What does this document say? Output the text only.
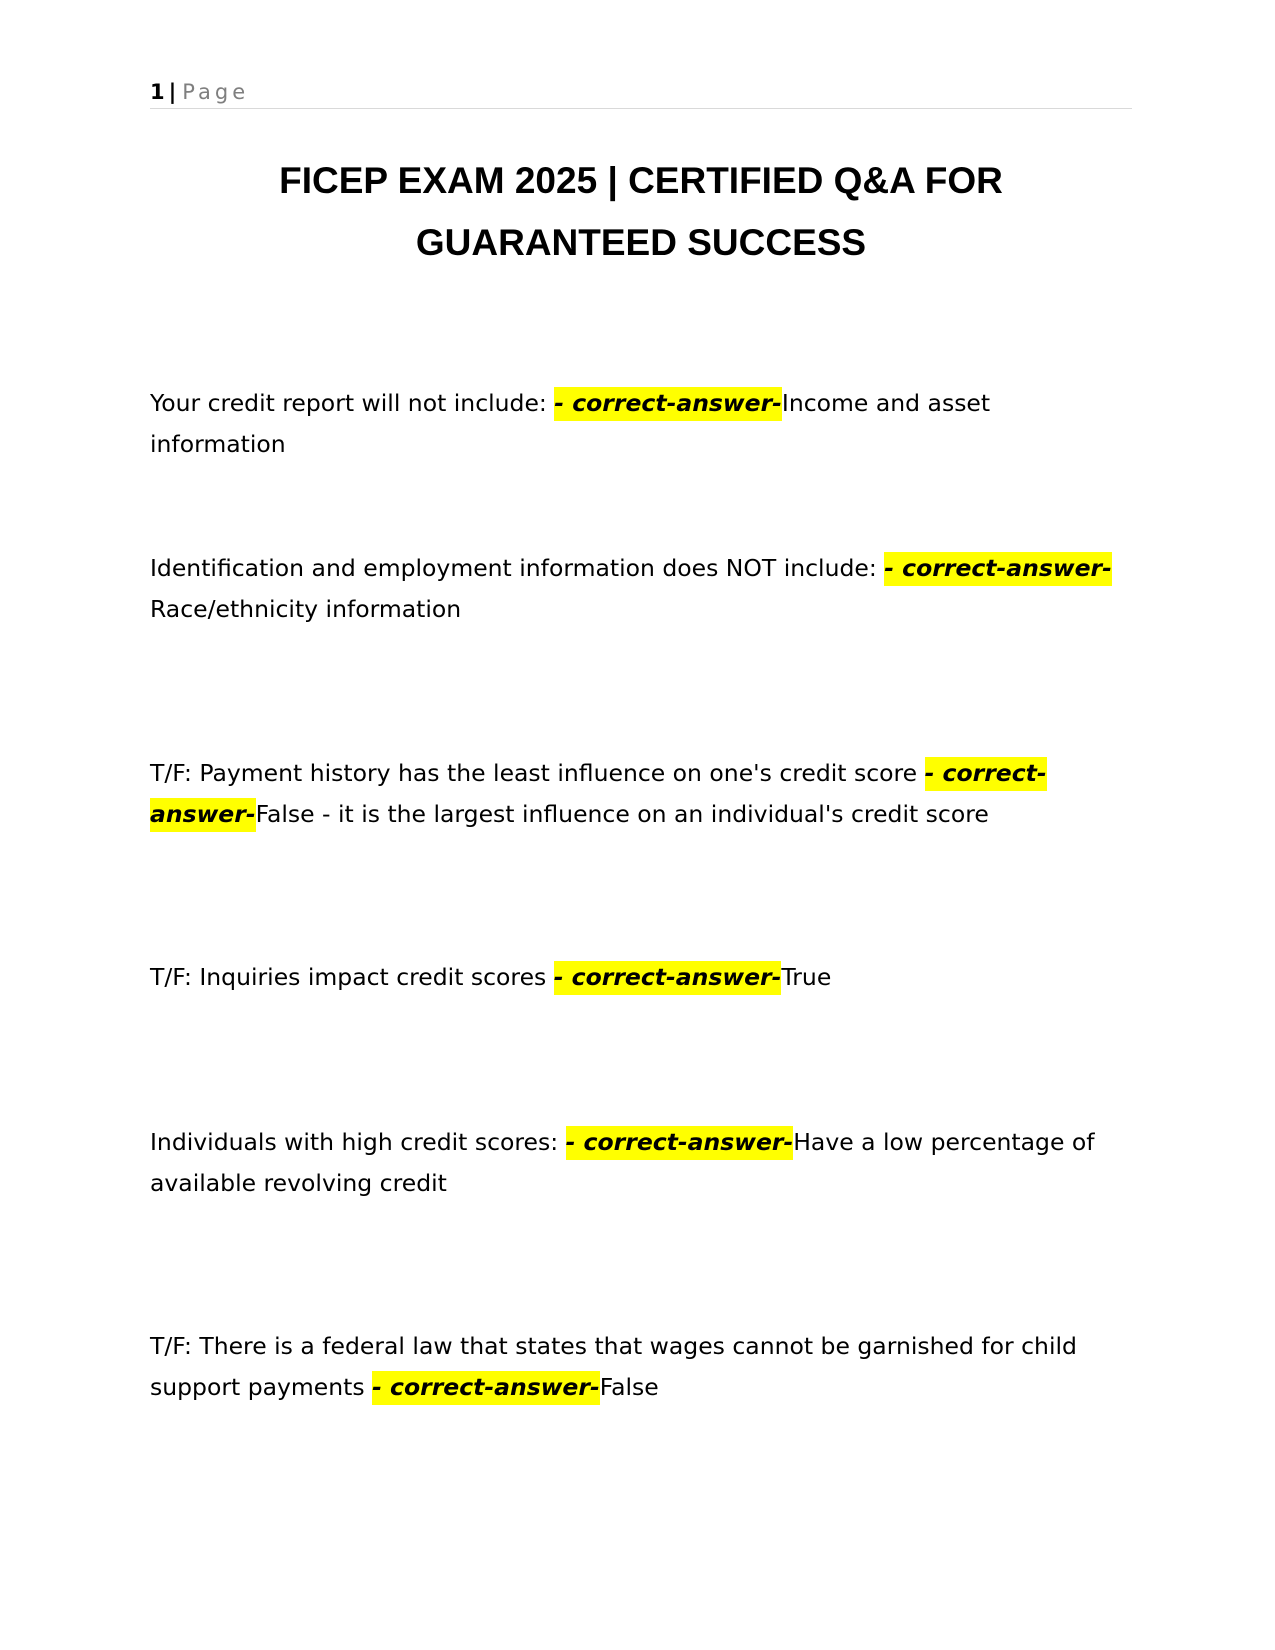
1 | Page
FICEP EXAM 2025 | CERTIFIED Q&A FOR
GUARANTEED SUCCESS

Your credit report will not include: - correct-answer-Income and asset information

Identification and employment information does NOT include: - correct-answer-Race/ethnicity information

T/F: Payment history has the least influence on one's credit score - correct-answer-False - it is the largest influence on an individual's credit score

T/F: Inquiries impact credit scores - correct-answer-True

Individuals with high credit scores: - correct-answer-Have a low percentage of available revolving credit

T/F: There is a federal law that states that wages cannot be garnished for child support payments - correct-answer-False
